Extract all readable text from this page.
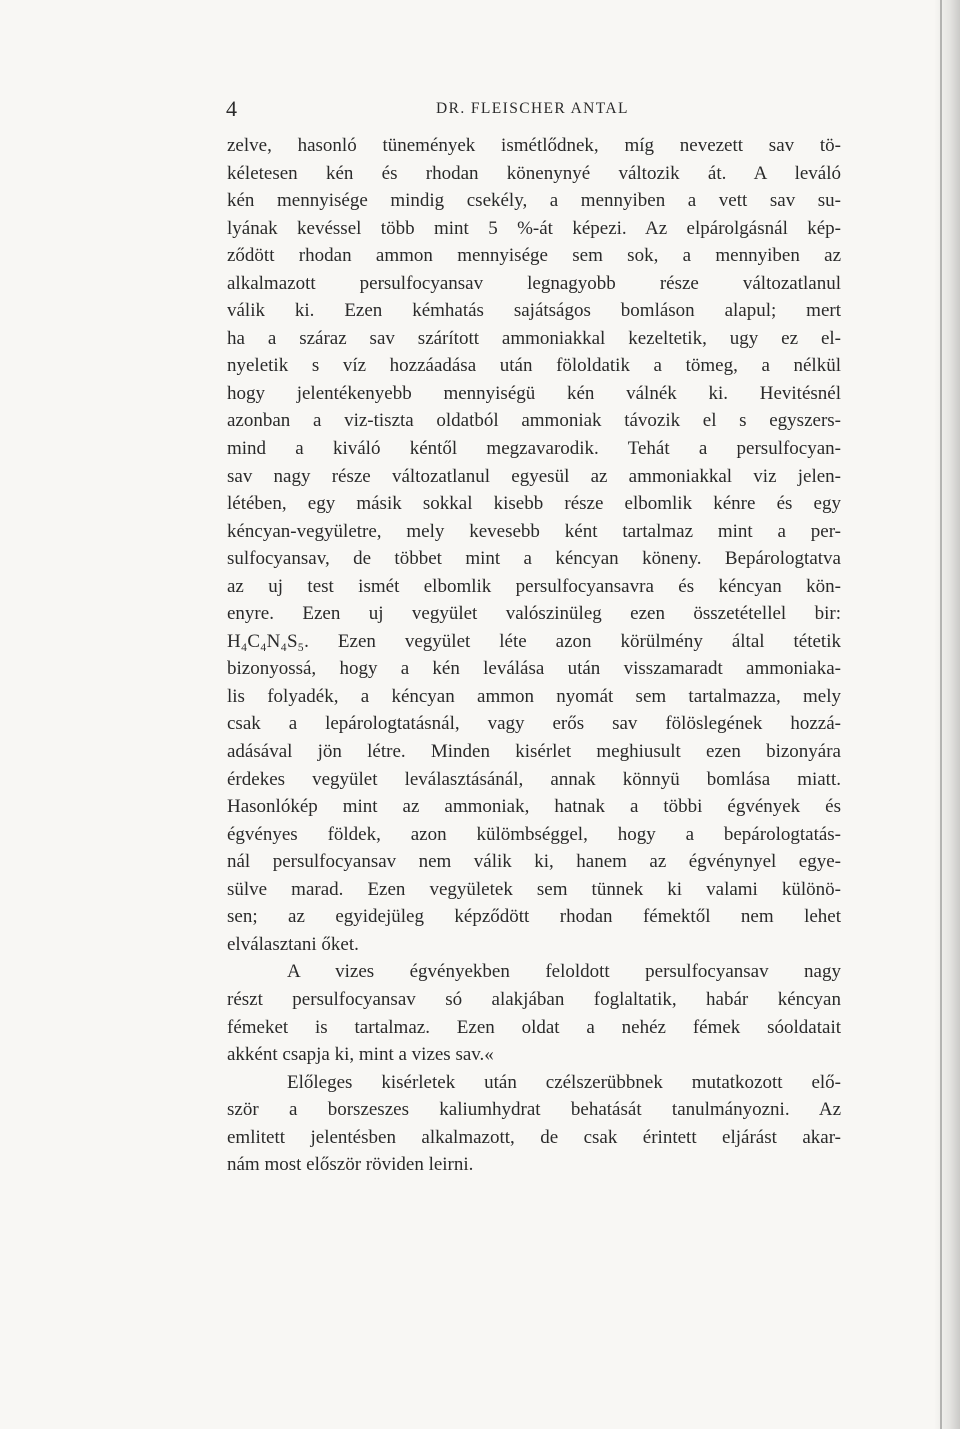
4	DR. FLEISCHER ANTAL
zelve, hasonló tünemények ismétlődnek, míg nevezett sav tö-
kéletesen kén és rhodan könenynyé változik át. A leváló
kén mennyisége mindig csekély, a mennyiben a vett sav su-
lyának kevéssel több mint 5 %-át képezi. Az elpárolgásnál kép-
ződött rhodan ammon mennyisége sem sok, a mennyiben az
alkalmazott persulfocyansav legnagyobb része változatlanul
válik ki. Ezen kémhatás sajátságos bomláson alapul; mert
ha a száraz sav szárított ammoniakkal kezeltetik, ugy ez el-
nyeletik s víz hozzáadása után föloldatik a tömeg, a nélkül
hogy jelentékenyebb mennyiségü kén válnék ki. Hevitésnél
azonban a viz-tiszta oldatból ammoniak távozik el s egyszers-
mind a kiváló kéntől megzavarodik. Tehát a persulfocyan-
sav nagy része változatlanul egyesül az ammoniakkal viz jelen-
létében, egy másik sokkal kisebb része elbomlik kénre és egy
kéncyan-vegyületre, mely kevesebb ként tartalmaz mint a per-
sulfocyansav, de többet mint a kéncyan köneny. Bepárologtatva
az uj test ismét elbomlik persulfocyansavra és kéncyan kön-
enyre. Ezen uj vegyület valószinüleg ezen összetétellel bir:
H₄C₄N₄S₅. Ezen vegyület léte azon körülmény által tétetik
bizonyossá, hogy a kén leválása után visszamaradt ammoniaka-
lis folyadék, a kéncyan ammon nyomát sem tartalmazza, mely
csak a lepárologtatásnál, vagy erős sav fölöslegének hozzá-
adásával jön létre. Minden kisérlet meghiusult ezen bizonyára
érdekes vegyület leválasztásánál, annak könnyü bomlása miatt.
Hasonlókép mint az ammoniak, hatnak a többi égvények és
égvényes földek, azon külömbséggel, hogy a bepárologtatás-
nál persulfocyansav nem válik ki, hanem az égvénynyel egye-
sülve marad. Ezen vegyületek sem tünnek ki valami különö-
sen; az egyidejüleg képződött rhodan fémektől nem lehet
elválasztani őket.
A vizes égvényekben feloldott persulfocyansav nagy
részt persulfocyansav só alakjában foglaltatik, habár kéncyan
fémeket is tartalmaz. Ezen oldat a nehéz fémek sóoldatait
akként csapja ki, mint a vizes sav.«
Előleges kisérletek után czélszerübbnek mutatkozott elő-
ször a borszeszes kaliumhydrat behatását tanulmányozni. Az
emlitett jelentésben alkalmazott, de csak érintett eljárást akar-
nám most először röviden leirni.
